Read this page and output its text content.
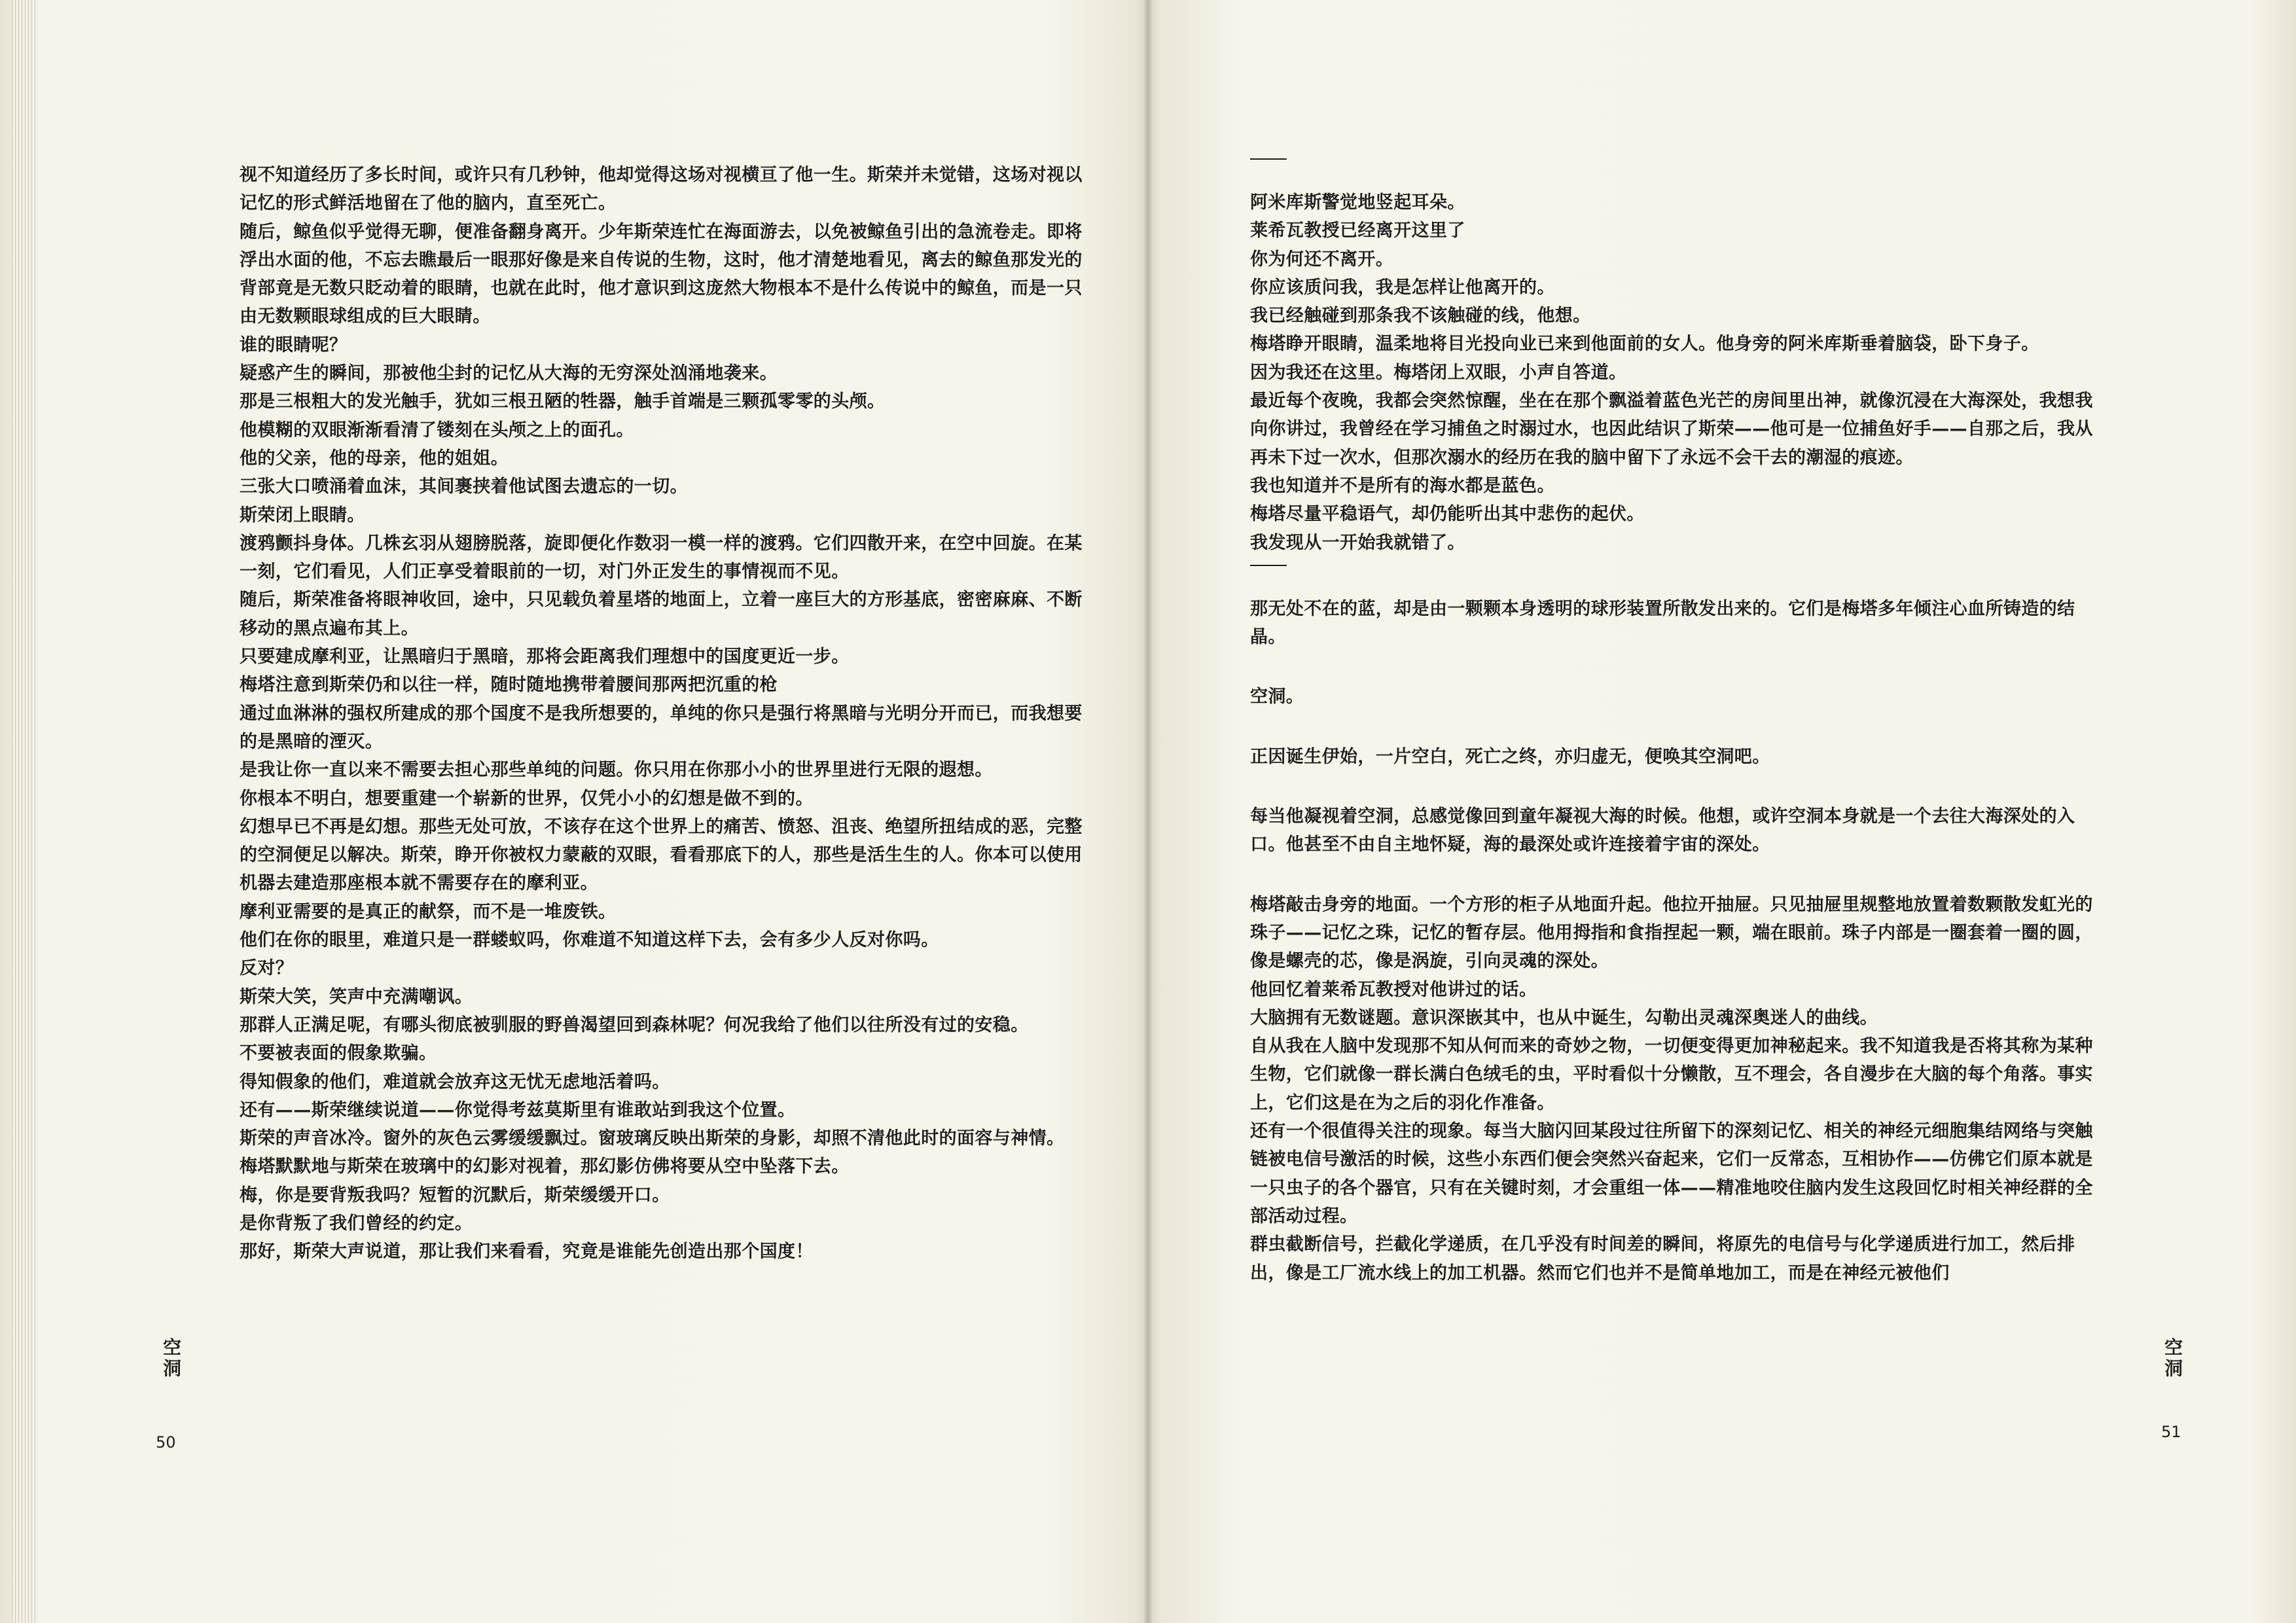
视不知道经历了多长时间，或许只有几秒钟，他却觉得这场对视横亘了他一生。斯荣并未觉错，这场对视以记忆的形式鲜活地留在了他的脑内，直至死亡。

随后，鲸鱼似乎觉得无聊，便准备翻身离开。少年斯荣连忙在海面游去，以免被鲸鱼引出的急流卷走。即将浮出水面的他，不忘去瞧最后一眼那好像是来自传说的生物，这时，他才清楚地看见，离去的鲸鱼那发光的背部竟是无数只眨动着的眼睛，也就在此时，他才意识到这庞然大物根本不是什么传说中的鲸鱼，而是一只由无数颗眼球组成的巨大眼睛。

谁的眼睛呢？

疑惑产生的瞬间，那被他尘封的记忆从大海的无穷深处汹涌地袭来。

那是三根粗大的发光触手，犹如三根丑陋的牲器，触手首端是三颗孤零零的头颅。

他模糊的双眼渐渐看清了镂刻在头颅之上的面孔。

他的父亲，他的母亲，他的姐姐。

三张大口喷涌着血沫，其间裹挟着他试图去遗忘的一切。

斯荣闭上眼睛。

渡鸦颤抖身体。几株玄羽从翅膀脱落，旋即便化作数羽一模一样的渡鸦。它们四散开来，在空中回旋。在某一刻，它们看见，人们正享受着眼前的一切，对门外正发生的事情视而不见。

随后，斯荣准备将眼神收回，途中，只见载负着星塔的地面上，立着一座巨大的方形基底，密密麻麻、不断移动的黑点遍布其上。

只要建成摩利亚，让黑暗归于黑暗，那将会距离我们理想中的国度更近一步。

梅塔注意到斯荣仍和以往一样，随时随地携带着腰间那两把沉重的枪

通过血淋淋的强权所建成的那个国度不是我所想要的，单纯的你只是强行将黑暗与光明分开而已，而我想要的是黑暗的湮灭。

是我让你一直以来不需要去担心那些单纯的问题。你只用在你那小小的世界里进行无限的遐想。

你根本不明白，想要重建一个崭新的世界，仅凭小小的幻想是做不到的。

幻想早已不再是幻想。那些无处可放，不该存在这个世界上的痛苦、愤怒、沮丧、绝望所扭结成的恶，完整的空洞便足以解决。斯荣，睁开你被权力蒙蔽的双眼，看看那底下的人，那些是活生生的人。你本可以使用机器去建造那座根本就不需要存在的摩利亚。

摩利亚需要的是真正的献祭，而不是一堆废铁。

他们在你的眼里，难道只是一群蝼蚁吗，你难道不知道这样下去，会有多少人反对你吗。

反对？

斯荣大笑，笑声中充满嘲讽。

那群人正满足呢，有哪头彻底被驯服的野兽渴望回到森林呢？何况我给了他们以往所没有过的安稳。

不要被表面的假象欺骗。

得知假象的他们，难道就会放弃这无忧无虑地活着吗。

还有——斯荣继续说道——你觉得考兹莫斯里有谁敢站到我这个位置。

斯荣的声音冰冷。窗外的灰色云雾缓缓飘过。窗玻璃反映出斯荣的身影，却照不清他此时的面容与神情。

梅塔默默地与斯荣在玻璃中的幻影对视着，那幻影仿佛将要从空中坠落下去。

梅，你是要背叛我吗？短暂的沉默后，斯荣缓缓开口。

是你背叛了我们曾经的约定。

那好，斯荣大声说道，那让我们来看看，究竟是谁能先创造出那个国度！

空洞
50

阿米库斯警觉地竖起耳朵。

莱希瓦教授已经离开这里了

你为何还不离开。

你应该质问我，我是怎样让他离开的。

我已经触碰到那条我不该触碰的线，他想。

梅塔睁开眼睛，温柔地将目光投向业已来到他面前的女人。他身旁的阿米库斯垂着脑袋，卧下身子。

因为我还在这里。梅塔闭上双眼，小声自答道。

最近每个夜晚，我都会突然惊醒，坐在在那个飘溢着蓝色光芒的房间里出神，就像沉浸在大海深处，我想我向你讲过，我曾经在学习捕鱼之时溺过水，也因此结识了斯荣——他可是一位捕鱼好手——自那之后，我从再未下过一次水，但那次溺水的经历在我的脑中留下了永远不会干去的潮湿的痕迹。

我也知道并不是所有的海水都是蓝色。

梅塔尽量平稳语气，却仍能听出其中悲伤的起伏。

我发现从一开始我就错了。

那无处不在的蓝，却是由一颗颗本身透明的球形装置所散发出来的。它们是梅塔多年倾注心血所铸造的结晶。

空洞。

正因诞生伊始，一片空白，死亡之终，亦归虚无，便唤其空洞吧。

每当他凝视着空洞，总感觉像回到童年凝视大海的时候。他想，或许空洞本身就是一个去往大海深处的入口。他甚至不由自主地怀疑，海的最深处或许连接着宇宙的深处。

梅塔敲击身旁的地面。一个方形的柜子从地面升起。他拉开抽屉。只见抽屉里规整地放置着数颗散发虹光的珠子——记忆之珠，记忆的暂存层。他用拇指和食指捏起一颗，端在眼前。珠子内部是一圈套着一圈的圆，像是螺壳的芯，像是涡旋，引向灵魂的深处。

他回忆着莱希瓦教授对他讲过的话。

大脑拥有无数谜题。意识深嵌其中，也从中诞生，勾勒出灵魂深奥迷人的曲线。

自从我在人脑中发现那不知从何而来的奇妙之物，一切便变得更加神秘起来。我不知道我是否将其称为某种生物，它们就像一群长满白色绒毛的虫，平时看似十分懒散，互不理会，各自漫步在大脑的每个角落。事实上，它们这是在为之后的羽化作准备。

还有一个很值得关注的现象。每当大脑闪回某段过往所留下的深刻记忆、相关的神经元细胞集结网络与突触链被电信号激活的时候，这些小东西们便会突然兴奋起来，它们一反常态，互相协作——仿佛它们原本就是一只虫子的各个器官，只有在关键时刻，才会重组一体——精准地咬住脑内发生这段回忆时相关神经群的全部活动过程。

群虫截断信号，拦截化学递质，在几乎没有时间差的瞬间，将原先的电信号与化学递质进行加工，然后排出，像是工厂流水线上的加工机器。然而它们也并不是简单地加工，而是在神经元被他们

空洞
51
